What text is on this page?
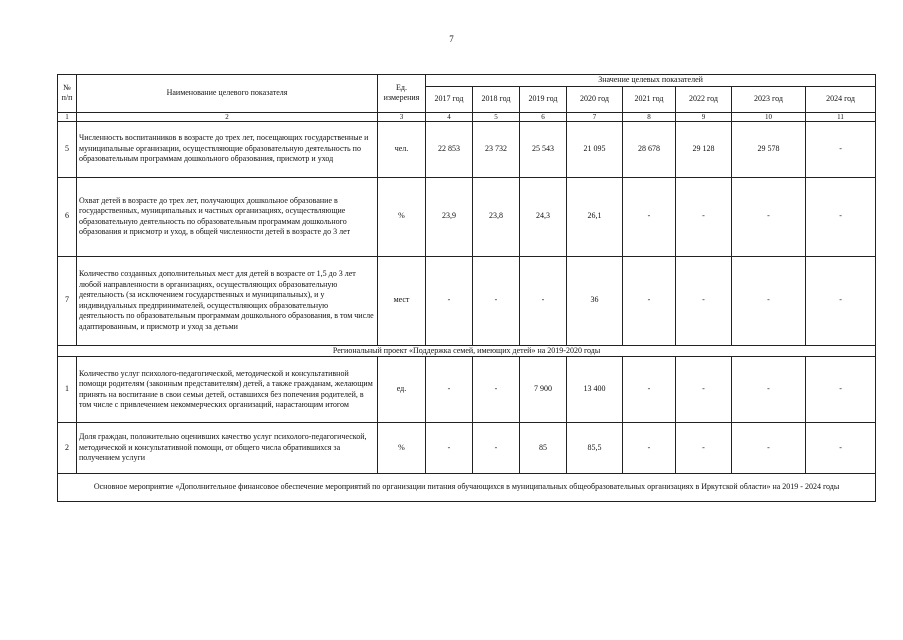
7
№ п/п	Наименование целевого показателя	Ед. измерения	Значение целевых показателей							
			2017 год	2018 год	2019 год	2020 год	2021 год	2022 год	2023 год	2024 год
1	2	3	4	5	6	7	8	9	10	11
5	Численность воспитанников в возрасте до трех лет, посещающих государственные и муниципальные организации, осуществляющие образовательную деятельность по образовательным программам дошкольного образования, присмотр и уход	чел.	22 853	23 732	25 543	21 095	28 678	29 128	29 578	-
6	Охват детей в возрасте до трех лет, получающих дошкольное образование в государственных, муниципальных и частных организациях, осуществляющие образовательную деятельность по образовательным программам дошкольного образования и присмотр и уход, в общей численности детей в возрасте до 3 лет	%	23,9	23,8	24,3	26,1	-	-	-	-
7	Количество созданных дополнительных мест для детей в возрасте от 1,5 до 3 лет любой направленности в организациях, осуществляющих образовательную деятельность (за исключением государственных и муниципальных), и у индивидуальных предпринимателей, осуществляющих образовательную деятельность по образовательным программам дошкольного образования, в том числе адаптированным, и присмотр и уход за детьми	мест	-	-	-	36	-	-	-	-
Региональный проект «Поддержка семей, имеющих детей» на 2019-2020 годы										
1	Количество услуг психолого-педагогической, методической и консультативной помощи родителям (законным представителям) детей, а также гражданам, желающим принять на воспитание в свои семьи детей, оставшихся без попечения родителей, в том числе с привлечением некоммерческих организаций, нарастающим итогом	ед.	-	-	7 900	13 400	-	-	-	-
2	Доля граждан, положительно оценивших качество услуг психолого-педагогической, методической и консультативной помощи, от общего числа обратившихся за получением услуги	%	-	-	85	85,5	-	-	-	-
Основное мероприятие «Дополнительное финансовое обеспечение мероприятий по организации питания обучающихся в муниципальных общеобразовательных организациях в Иркутской области» на 2019 - 2024 годы										
